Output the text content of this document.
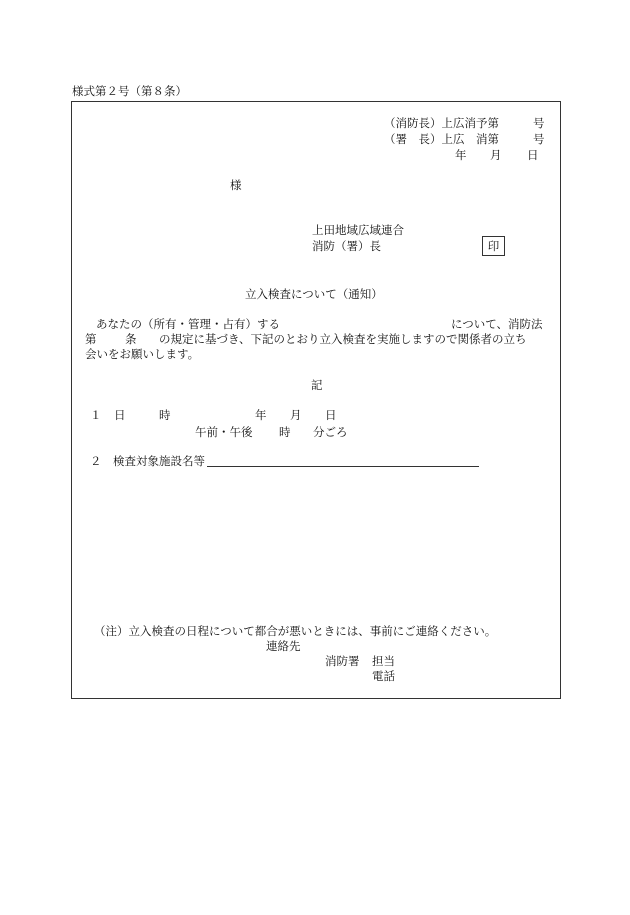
様式第２号（第８条）
（消防長）上広消予第	号
（署　長）上広　消第	号
年 月 日
様
上田地域広域連合
消防（署）長	印
立入検査について（通知）
あなたの（所有・管理・占有）する	について、消防法
第 条 の規定に基づき、下記のとおり立入検査を実施しますので関係者の立ち
会いをお願いします。
記
１ 日	時	年 月 日
午前・午後 時 分ごろ
２ 検査対象施設名等
（注）立入検査の日程について都合が悪いときには、事前にご連絡ください。
連絡先
消防署 担当
電話
